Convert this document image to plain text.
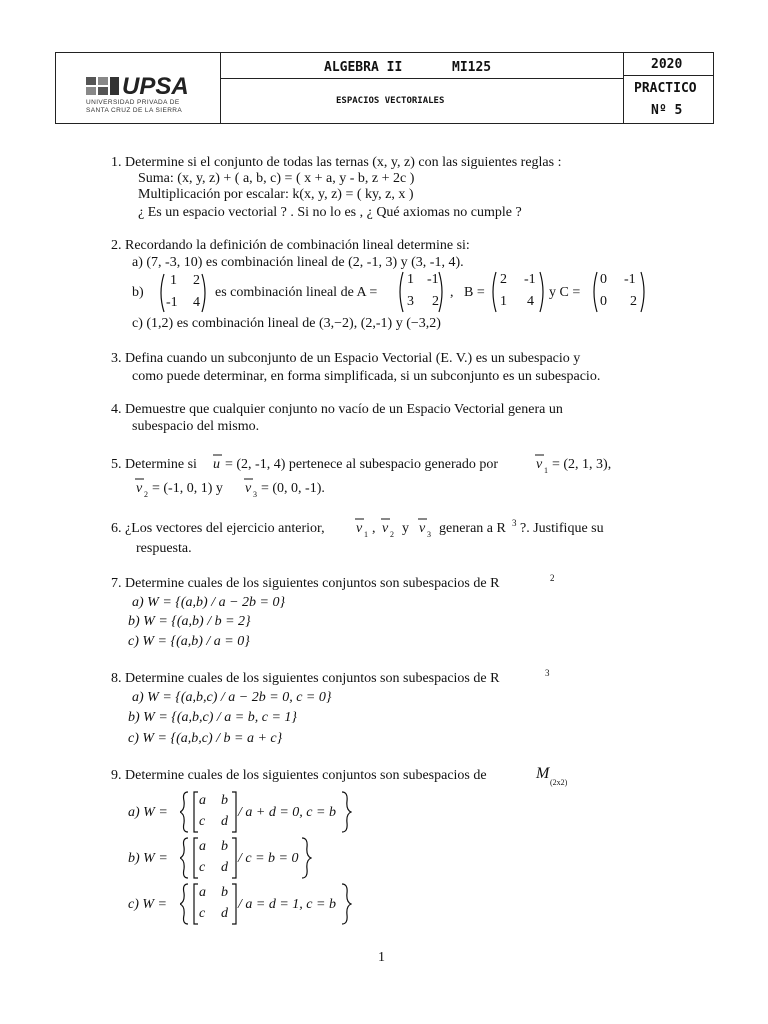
UPSA
UNIVERSIDAD PRIVADA DE
SANTA CRUZ DE LA SIERRA
ALGEBRA II	MI125
ESPACIOS VECTORIALES
2020
PRACTICO
Nº 5
1. Determine si el conjunto de todas las ternas (x, y, z) con las siguientes reglas :
Suma: (x, y, z) + ( a, b, c) = ( x + a, y - b, z + 2c )
Multiplicación por escalar: k(x, y, z) = ( ky, z, x )
¿ Es un espacio vectorial ? . Si no lo es , ¿ Qué axiomas no cumple ?
2. Recordando la definición de combinación lineal determine si:
a) (7, -3, 10) es combinación lineal de (2, -1, 3) y (3, -1, 4).
b)
1 2
-1 4
es combinación lineal de A =
1 -1
3 2
, B =
2 -1
1 4
y C =
0 -1
0 2
c) (1,2) es combinación lineal de (3,−2), (2,-1) y (−3,2)
3. Defina cuando un subconjunto de un Espacio Vectorial (E. V.) es un subespacio y
como puede determinar, en forma simplificada, si un subconjunto es un subespacio.
4. Demuestre que cualquier conjunto no vacío de un Espacio Vectorial genera un
subespacio del mismo.
5. Determine si u = (2, -1, 4) pertenece al subespacio generado por	v 1 = (2, 1, 3),
v 2 = (-1, 0, 1) y v 3 = (0, 0, -1).
6. ¿Los vectores del ejercicio anterior, v 1 , v 2 y v 3 generan a R 3 ?. Justifique su
respuesta.
7. Determine cuales de los siguientes conjuntos son subespacios de R	2
a) W = {(a,b) / a − 2b = 0}
b) W = {(a,b) / b = 2}
c) W = {(a,b) / a = 0}
8. Determine cuales de los siguientes conjuntos son subespacios de R	3
a) W = {(a,b,c) / a − 2b = 0, c = 0}
b) W = {(a,b,c) / a = b, c = 1}
c) W = {(a,b,c) / b = a + c}
9. Determine cuales de los siguientes conjuntos son subespacios de	M
(2x2)
a) W =
a b
c d
/ a + d = 0, c = b
b) W =
a b
c d
/ c = b = 0
c) W =
a b
c d
/ a = d = 1, c = b
1
